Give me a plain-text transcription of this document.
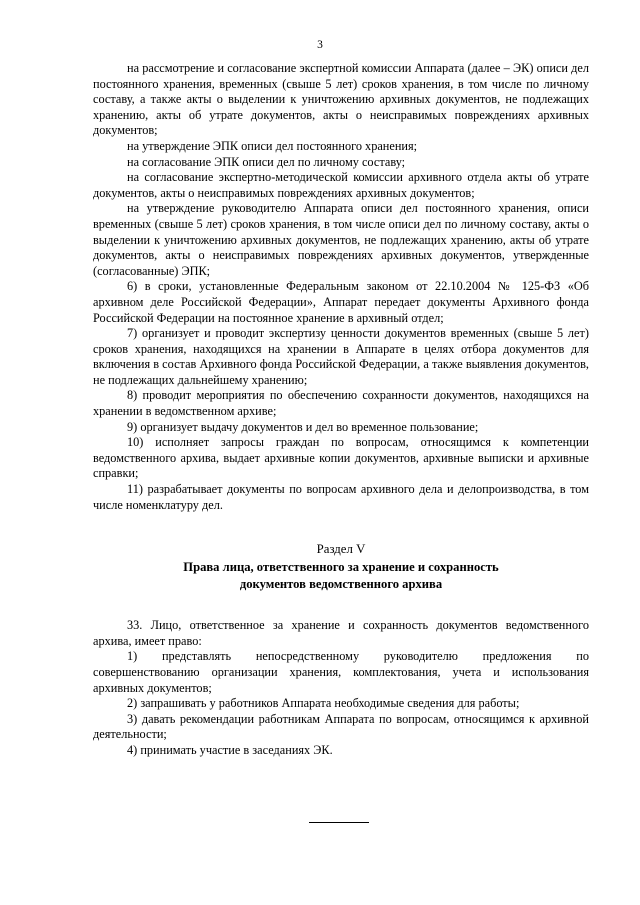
3

на рассмотрение и согласование экспертной комиссии Аппарата (далее – ЭК) описи дел постоянного хранения, временных (свыше 5 лет) сроков хранения, в том числе по личному составу, а также акты о выделении к уничтожению архивных документов, не подлежащих хранению, акты об утрате документов, акты о неисправимых повреждениях архивных документов;

на утверждение ЭПК описи дел постоянного хранения;

на согласование ЭПК описи дел по личному составу;

на согласование экспертно-методической комиссии архивного отдела акты об утрате документов, акты о неисправимых повреждениях архивных документов;

на утверждение руководителю Аппарата описи дел постоянного хранения, описи временных (свыше 5 лет) сроков хранения, в том числе описи дел по личному составу, акты о выделении к уничтожению архивных документов, не подлежащих хранению, акты об утрате документов, акты о неисправимых повреждениях архивных документов, утвержденные (согласованные) ЭПК;

6) в сроки, установленные Федеральным законом от 22.10.2004 № 125-ФЗ «Об архивном деле Российской Федерации», Аппарат передает документы Архивного фонда Российской Федерации на постоянное хранение в архивный отдел;

7) организует и проводит экспертизу ценности документов временных (свыше 5 лет) сроков хранения, находящихся на хранении в Аппарате в целях отбора документов для включения в состав Архивного фонда Российской Федерации, а также выявления документов, не подлежащих дальнейшему хранению;

8) проводит мероприятия по обеспечению сохранности документов, находящихся на хранении в ведомственном архиве;

9) организует выдачу документов и дел во временное пользование;

10) исполняет запросы граждан по вопросам, относящимся к компетенции ведомственного архива, выдает архивные копии документов, архивные выписки и архивные справки;

11) разрабатывает документы по вопросам архивного дела и делопроизводства, в том числе номенклатуру дел.

Раздел V

Права лица, ответственного за хранение и сохранность
документов ведомственного архива

33. Лицо, ответственное за хранение и сохранность документов ведомственного архива, имеет право:

1) представлять непосредственному руководителю предложения по совершенствованию организации хранения, комплектования, учета и использования архивных документов;

2) запрашивать у работников Аппарата необходимые сведения для работы;

3) давать рекомендации работникам Аппарата по вопросам, относящимся к архивной деятельности;

4) принимать участие в заседаниях ЭК.
